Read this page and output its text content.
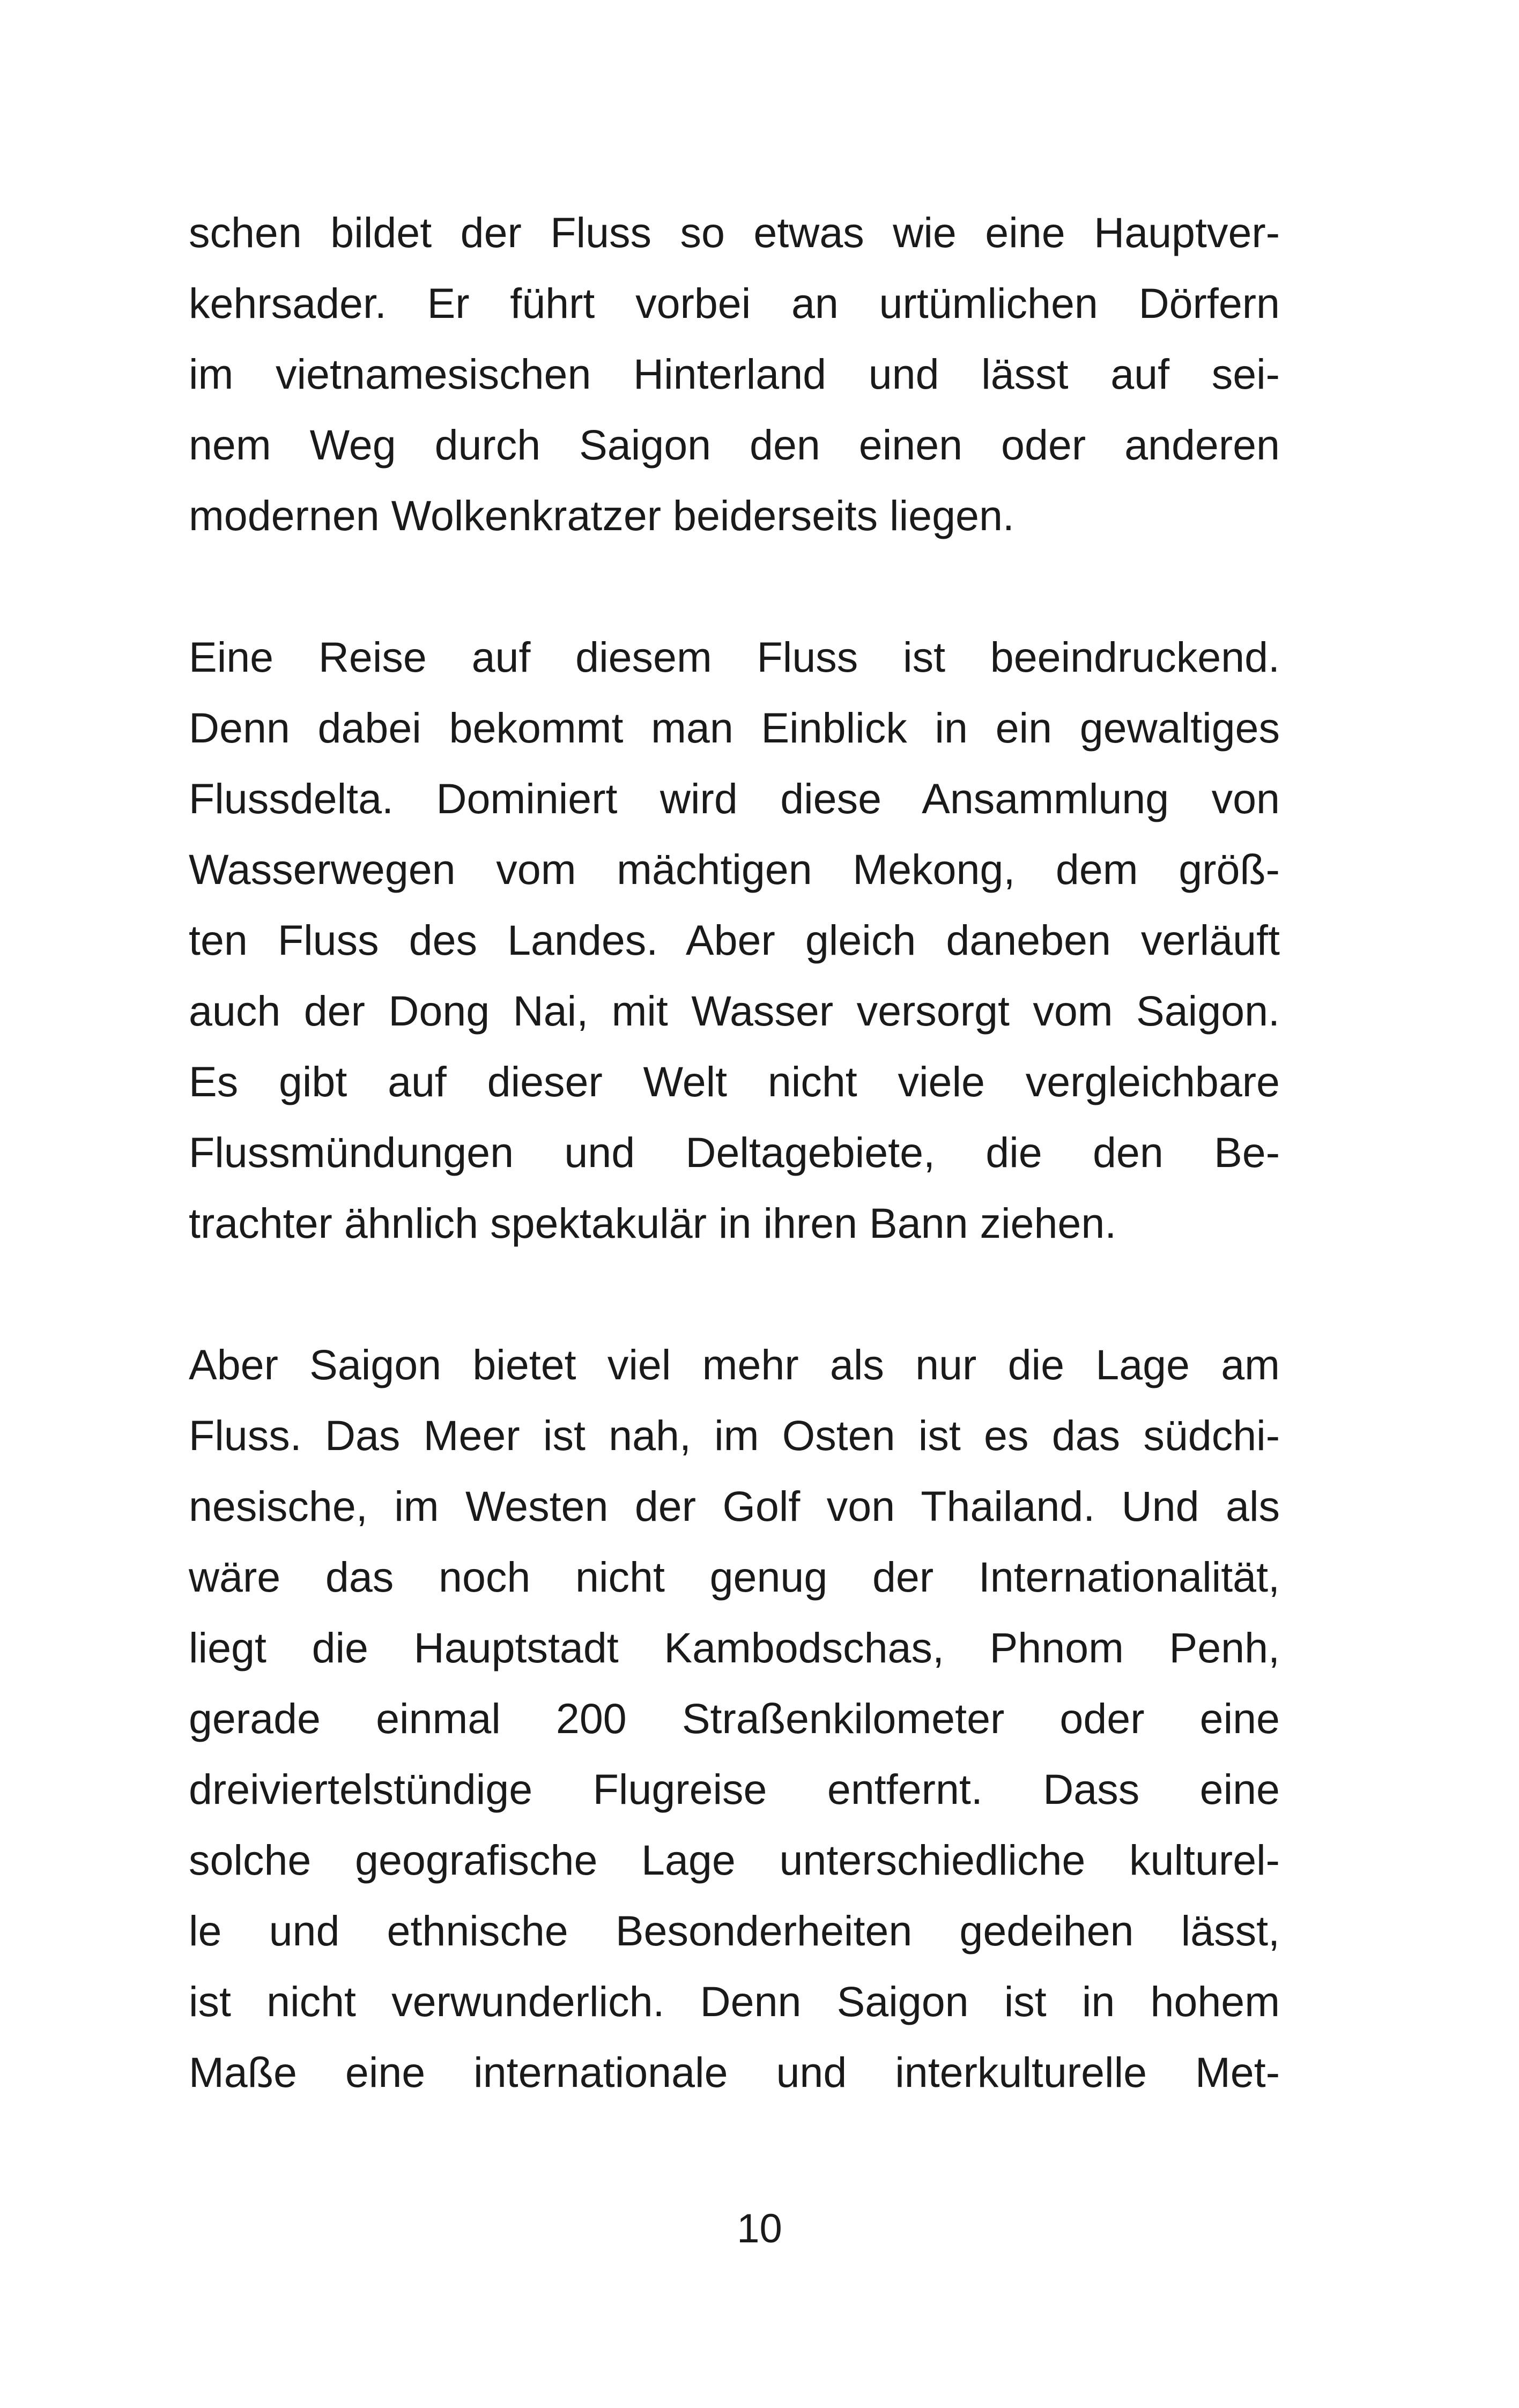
schen bildet der Fluss so etwas wie eine Hauptver-
kehrsader. Er führt vorbei an urtümlichen Dörfern
im vietnamesischen Hinterland und lässt auf sei-
nem Weg durch Saigon den einen oder anderen
modernen Wolkenkratzer beiderseits liegen.
Eine Reise auf diesem Fluss ist beeindruckend.
Denn dabei bekommt man Einblick in ein gewaltiges
Flussdelta. Dominiert wird diese Ansammlung von
Wasserwegen vom mächtigen Mekong, dem größ-
ten Fluss des Landes. Aber gleich daneben verläuft
auch der Dong Nai, mit Wasser versorgt vom Saigon.
Es gibt auf dieser Welt nicht viele vergleichbare
Flussmündungen und Deltagebiete, die den Be-
trachter ähnlich spektakulär in ihren Bann ziehen.
Aber Saigon bietet viel mehr als nur die Lage am
Fluss. Das Meer ist nah, im Osten ist es das südchi-
nesische, im Westen der Golf von Thailand. Und als
wäre das noch nicht genug der Internationalität,
liegt die Hauptstadt Kambodschas, Phnom Penh,
gerade einmal 200 Straßenkilometer oder eine
dreiviertelstündige Flugreise entfernt. Dass eine
solche geografische Lage unterschiedliche kulturel-
le und ethnische Besonderheiten gedeihen lässt,
ist nicht verwunderlich. Denn Saigon ist in hohem
Maße eine internationale und interkulturelle Met-
10
